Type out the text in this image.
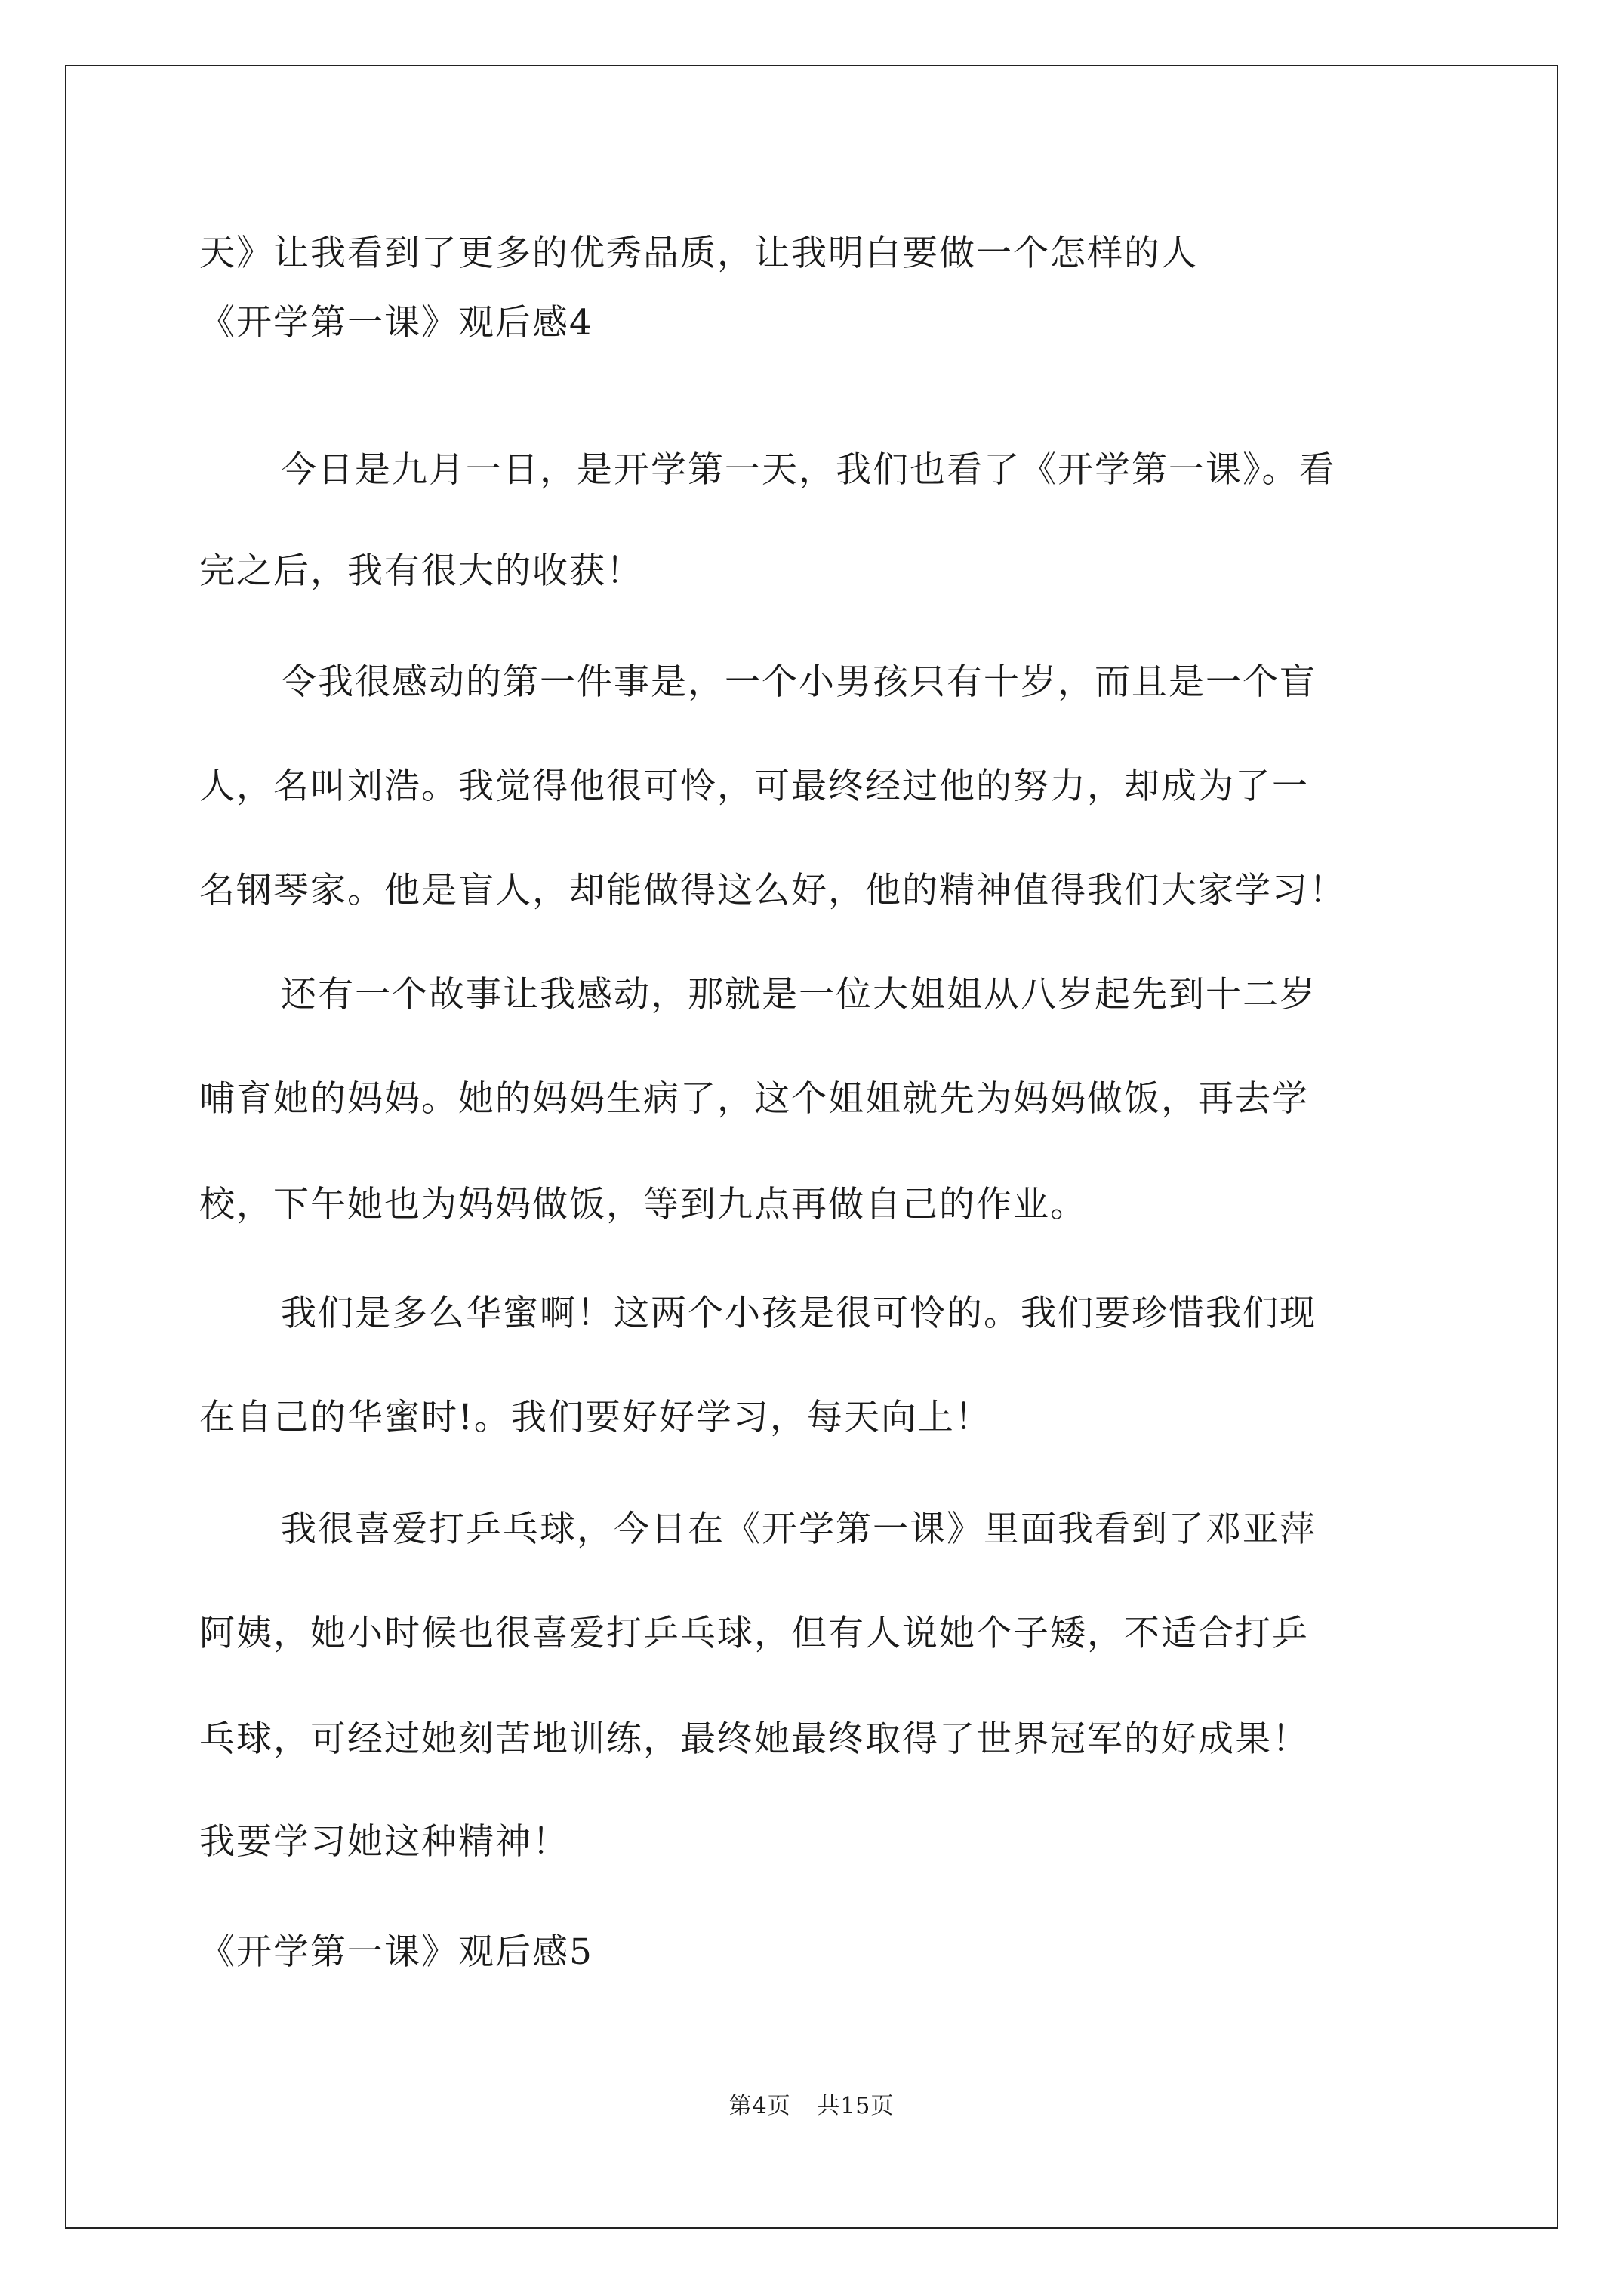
天》让我看到了更多的优秀品质，让我明白要做一个怎样的人
《开学第一课》观后感4
今日是九月一日，是开学第一天，我们也看了《开学第一课》。看
完之后，我有很大的收获！
令我很感动的第一件事是，一个小男孩只有十岁，而且是一个盲
人，名叫刘浩。我觉得他很可怜，可最终经过他的努力，却成为了一
名钢琴家。他是盲人，却能做得这么好，他的精神值得我们大家学习！
还有一个故事让我感动，那就是一位大姐姐从八岁起先到十二岁
哺育她的妈妈。她的妈妈生病了，这个姐姐就先为妈妈做饭，再去学
校，下午她也为妈妈做饭，等到九点再做自己的作业。
我们是多么华蜜啊！这两个小孩是很可怜的。我们要珍惜我们现
在自己的华蜜时!。我们要好好学习，每天向上！
我很喜爱打乒乓球，今日在《开学第一课》里面我看到了邓亚萍
阿姨，她小时候也很喜爱打乒乓球，但有人说她个子矮，不适合打乒
乓球，可经过她刻苦地训练，最终她最终取得了世界冠军的好成果！
我要学习她这种精神！
《开学第一课》观后感5
第4页 共15页
